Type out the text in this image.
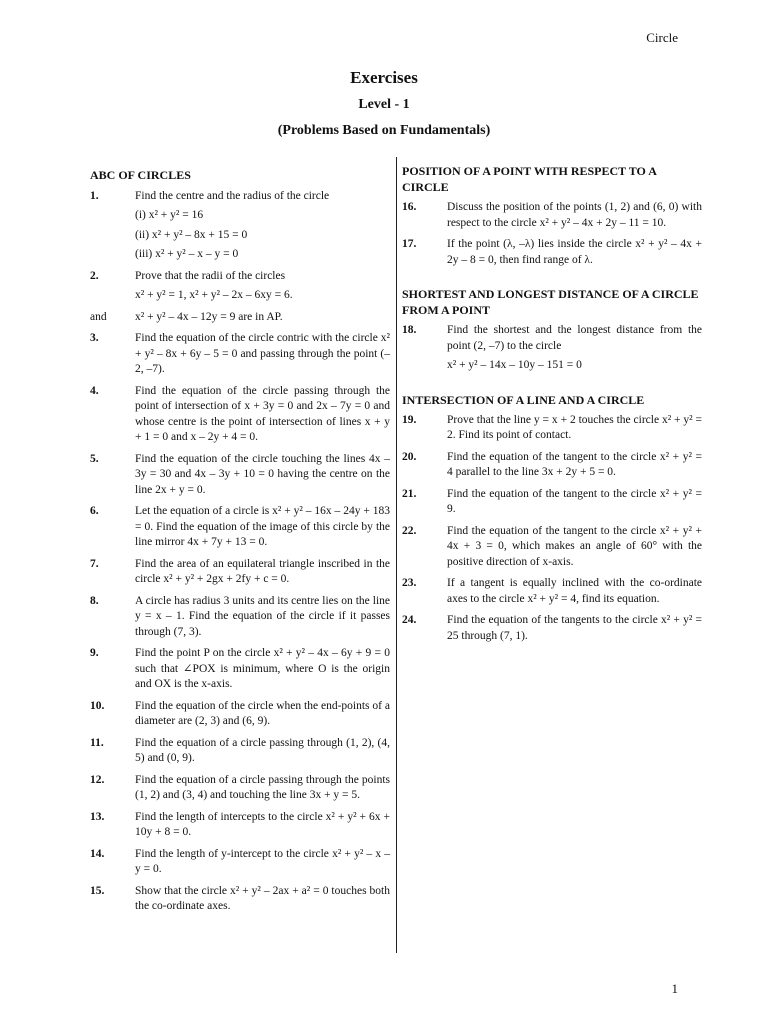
Circle
Exercises
Level - 1
(Problems Based on Fundamentals)
ABC OF CIRCLES
1.	Find the centre and the radius of the circle
(i) x² + y² = 16
(ii) x² + y² – 8x + 15 = 0
(iii) x² + y² – x – y = 0
2.	Prove that the radii of the circles
x² + y² = 1, x² + y² – 2x – 6xy = 6.
and	x² + y² – 4x – 12y = 9 are in AP.
3.	Find the equation of the circle contric with the circle x² + y² – 8x + 6y – 5 = 0 and passing through the point (–2, –7).
4.	Find the equation of the circle passing through the point of intersection of x + 3y = 0 and 2x – 7y = 0 and whose centre is the point of intersection of lines x + y + 1 = 0 and x – 2y + 4 = 0.
5.	Find the equation of the circle touching the lines 4x – 3y = 30 and 4x – 3y + 10 = 0 having the centre on the line 2x + y = 0.
6.	Let the equation of a circle is x² + y² – 16x – 24y + 183 = 0. Find the equation of the image of this circle by the line mirror 4x + 7y + 13 = 0.
7.	Find the area of an equilateral triangle inscribed in the circle x² + y² + 2gx + 2fy + c = 0.
8.	A circle has radius 3 units and its centre lies on the line y = x – 1. Find the equation of the circle if it passes through (7, 3).
9.	Find the point P on the circle x² + y² – 4x – 6y + 9 = 0 such that ∠POX is minimum, where O is the origin and OX is the x-axis.
10.	Find the equation of the circle when the end-points of a diameter are (2, 3) and (6, 9).
11.	Find the equation of a circle passing through (1, 2), (4, 5) and (0, 9).
12.	Find the equation of a circle passing through the points (1, 2) and (3, 4) and touching the line 3x + y = 5.
13.	Find the length of intercepts to the circle x² + y² + 6x + 10y + 8 = 0.
14.	Find the length of y-intercept to the circle x² + y² – x – y = 0.
15.	Show that the circle x² + y² – 2ax + a² = 0 touches both the co-ordinate axes.
POSITION OF A POINT WITH RESPECT TO A CIRCLE
16.	Discuss the position of the points (1, 2) and (6, 0) with respect to the circle x² + y² – 4x + 2y – 11 = 10.
17.	If the point (λ, –λ) lies inside the circle x² + y² – 4x + 2y – 8 = 0, then find range of λ.
SHORTEST AND LONGEST DISTANCE OF A CIRCLE FROM A POINT
18.	Find the shortest and the longest distance from the point (2, –7) to the circle
x² + y² – 14x – 10y – 151 = 0
INTERSECTION OF A LINE AND A CIRCLE
19.	Prove that the line y = x + 2 touches the circle x² + y² = 2. Find its point of contact.
20.	Find the equation of the tangent to the circle x² + y² = 4 parallel to the line 3x + 2y + 5 = 0.
21.	Find the equation of the tangent to the circle x² + y² = 9.
22.	Find the equation of the tangent to the circle x² + y² + 4x + 3 = 0, which makes an angle of 60° with the positive direction of x-axis.
23.	If a tangent is equally inclined with the co-ordinate axes to the circle x² + y² = 4, find its equation.
24.	Find the equation of the tangents to the circle x² + y² = 25 through (7, 1).
1
